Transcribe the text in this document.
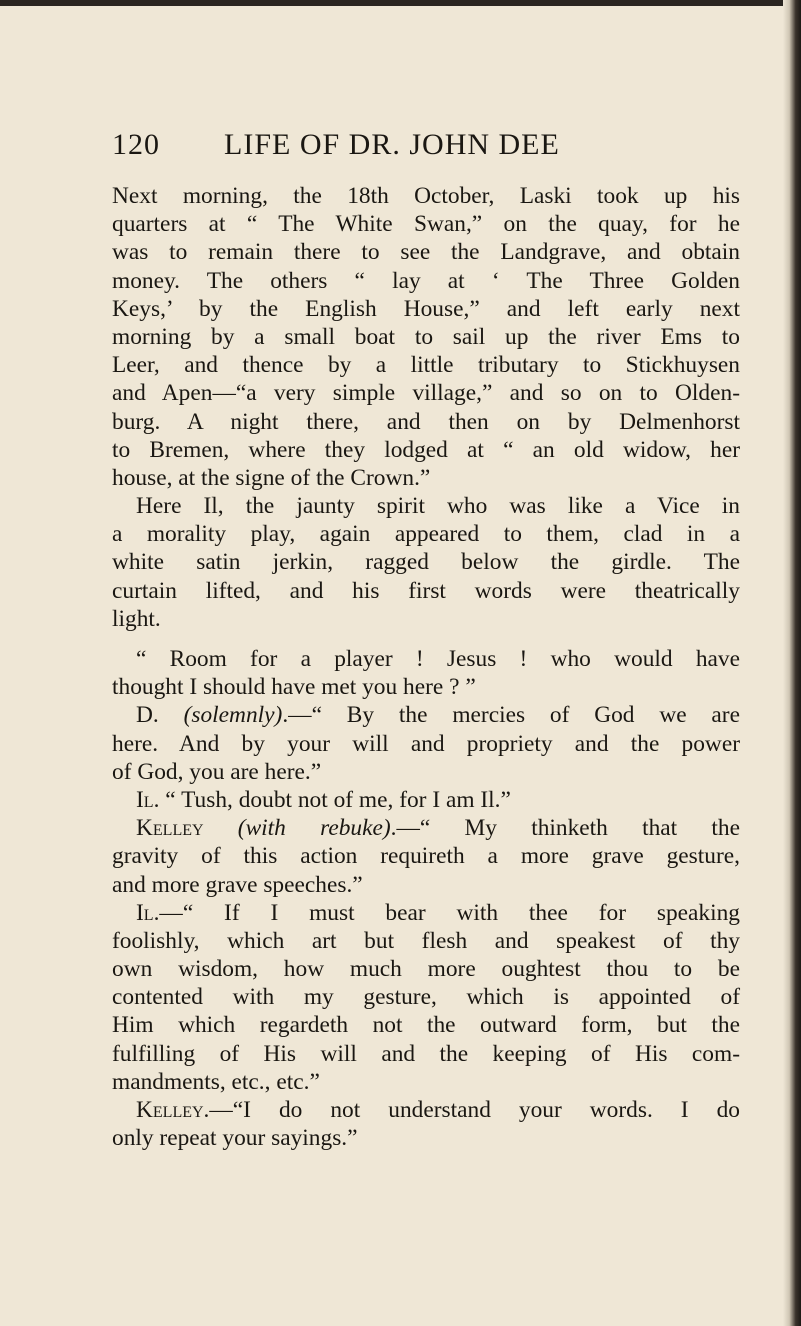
120	LIFE OF DR. JOHN DEE
Next morning, the 18th October, Laski took up his
quarters at “ The White Swan,” on the quay, for he
was to remain there to see the Landgrave, and obtain
money. The others “ lay at ‘ The Three Golden
Keys,’ by the English House,” and left early next
morning by a small boat to sail up the river Ems to
Leer, and thence by a little tributary to Stickhuysen
and Apen—“a very simple village,” and so on to Olden-
burg. A night there, and then on by Delmenhorst
to Bremen, where they lodged at “ an old widow, her
house, at the signe of the Crown.”
Here Il, the jaunty spirit who was like a Vice in
a morality play, again appeared to them, clad in a
white satin jerkin, ragged below the girdle. The
curtain lifted, and his first words were theatrically
light.
“ Room for a player ! Jesus ! who would have
thought I should have met you here ? ”
D. (solemnly).—“ By the mercies of God we are
here. And by your will and propriety and the power
of God, you are here.”
Il. “ Tush, doubt not of me, for I am Il.”
Kelley (with rebuke).—“ My thinketh that the
gravity of this action requireth a more grave gesture,
and more grave speeches.”
Il.—“ If I must bear with thee for speaking
foolishly, which art but flesh and speakest of thy
own wisdom, how much more oughtest thou to be
contented with my gesture, which is appointed of
Him which regardeth not the outward form, but the
fulfilling of His will and the keeping of His com-
mandments, etc., etc.”
Kelley.—“I do not understand your words. I do
only repeat your sayings.”
